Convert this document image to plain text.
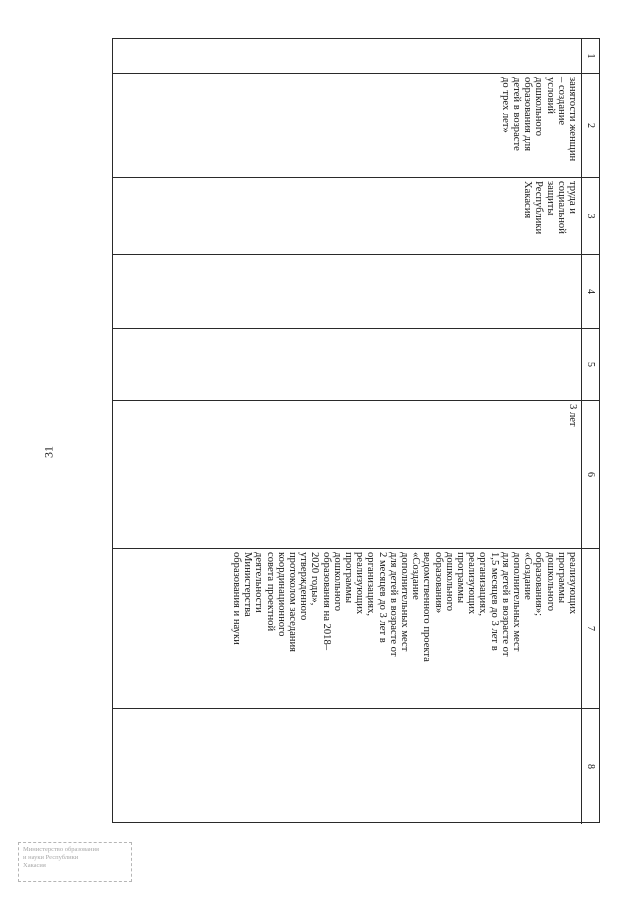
31
1
2
занятости женщин
– создание
условий
дошкольного
образования для
детей в возрасте
до трех лет»
3
труда и
социальной
защиты
Республики
Хакасия
4
5
6
3 лет
7
реализующих
программы
дошкольного
образования»;
«Создание
дополнительных мест
для детей в возрасте от
1,5 месяцев до 3 лет в
организациях,
реализующих
программы
дошкольного
образования»
ведомственного проекта
«Создание
дополнительных мест
для детей в возрасте от
2 месяцев до 3 лет в
организациях,
реализующих
программы
дошкольного
образования на 2018–
2020 годы»,
утвержденного
протоколом заседания
координационного
совета проектной
деятельности
Министерства
образования и науки
8
Министерство образования
и науки Республики
Хакасия
